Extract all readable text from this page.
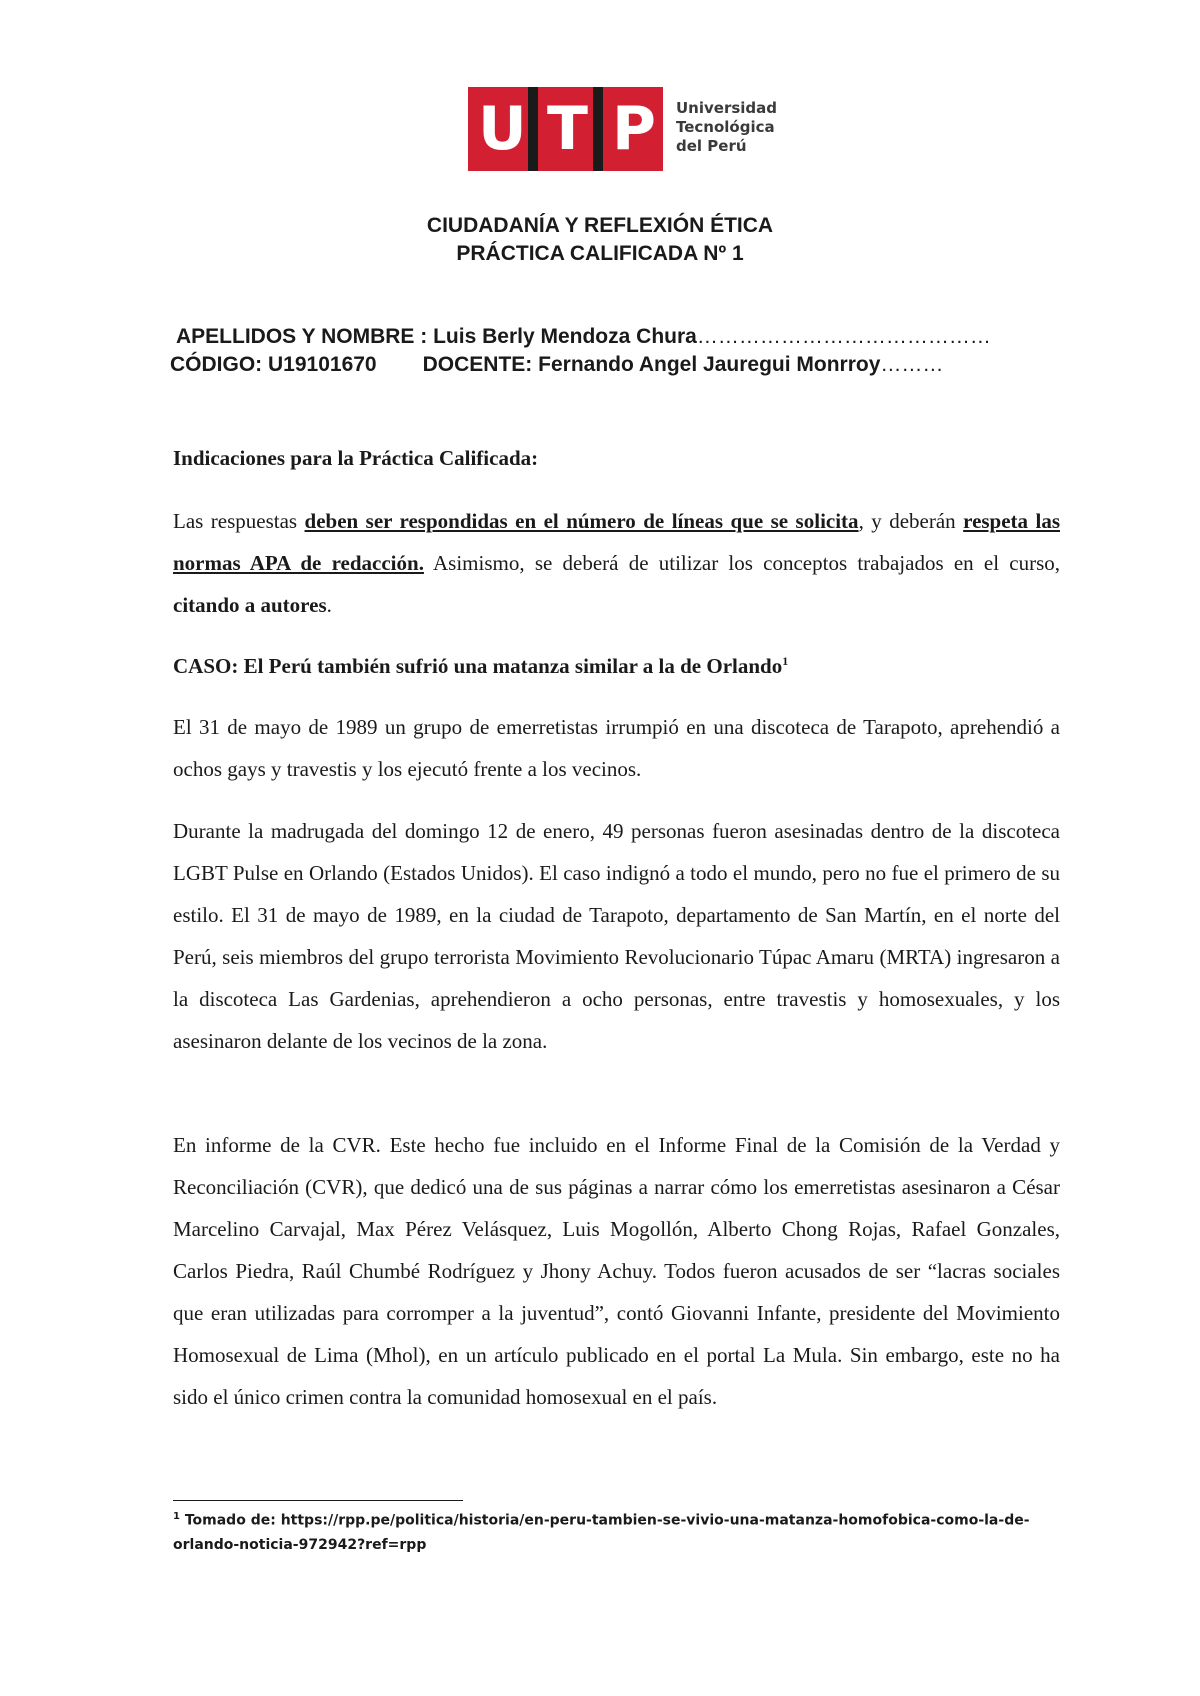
U T P Universidad
Tecnológica
del Perú
CIUDADANÍA Y REFLEXIÓN ÉTICA
PRÁCTICA CALIFICADA Nº 1
APELLIDOS Y NOMBRE : Luis Berly Mendoza Chura……………………………………
CÓDIGO: U19101670 DOCENTE: Fernando Angel Jauregui Monrroy………
Indicaciones para la Práctica Calificada:
Las respuestas deben ser respondidas en el número de líneas que se solicita, y deberán respeta las normas APA de redacción. Asimismo, se deberá de utilizar los conceptos trabajados en el curso, citando a autores.
CASO: El Perú también sufrió una matanza similar a la de Orlando$^1$
El 31 de mayo de 1989 un grupo de emerretistas irrumpió en una discoteca de Tarapoto, aprehendió a ochos gays y travestis y los ejecutó frente a los vecinos.
Durante la madrugada del domingo 12 de enero, 49 personas fueron asesinadas dentro de la discoteca LGBT Pulse en Orlando (Estados Unidos). El caso indignó a todo el mundo, pero no fue el primero de su estilo. El 31 de mayo de 1989, en la ciudad de Tarapoto, departamento de San Martín, en el norte del Perú, seis miembros del grupo terrorista Movimiento Revolucionario Túpac Amaru (MRTA) ingresaron a la discoteca Las Gardenias, aprehendieron a ocho personas, entre travestis y homosexuales, y los asesinaron delante de los vecinos de la zona.
En informe de la CVR. Este hecho fue incluido en el Informe Final de la Comisión de la Verdad y Reconciliación (CVR), que dedicó una de sus páginas a narrar cómo los emerretistas asesinaron a César Marcelino Carvajal, Max Pérez Velásquez, Luis Mogollón, Alberto Chong Rojas, Rafael Gonzales, Carlos Piedra, Raúl Chumbé Rodríguez y Jhony Achuy. Todos fueron acusados de ser “lacras sociales que eran utilizadas para corromper a la juventud”, contó Giovanni Infante, presidente del Movimiento Homosexual de Lima (Mhol), en un artículo publicado en el portal La Mula. Sin embargo, este no ha sido el único crimen contra la comunidad homosexual en el país.
$^1$ Tomado de: https://rpp.pe/politica/historia/en-peru-tambien-se-vivio-una-matanza-homofobica-como-la-de-orlando-noticia-972942?ref=rpp
